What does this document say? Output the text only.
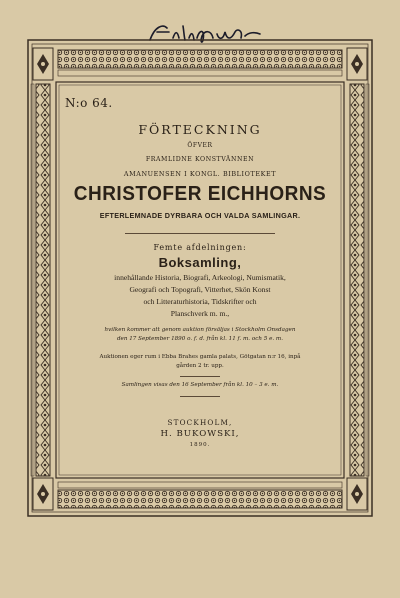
N:o 64.
FÖRTECKNING
ÖFVER
FRAMLIDNE KONSTVÄNNEN
AMANUENSEN I KONGL. BIBLIOTEKET
CHRISTOFER EICHHORNS
EFTERLEMNADE DYRBARA OCH VALDA SAMLINGAR.
Femte afdelningen:
Boksamling,
innehållande Historia, Biografi, Arkeologi, Numismatik,
Geografi och Topografi, Vitterhet, Skön Konst
och Litteraturhistoria, Tidskrifter och
Planschverk m. m.,
hvilken kommer att genom auktion försäljas i Stockholm Onsdagen
den 17 September 1890 o. f. d. från kl. 11 f. m. och 5 e. m.
Auktionen eger rum i Ebba Brahes gamla palats, Götgatan n:r 16, inpå
gården 2 tr. upp.
Samlingen visas den 16 September från kl. 10 – 3 e. m.
STOCKHOLM,
H. BUKOWSKI,
1890.
